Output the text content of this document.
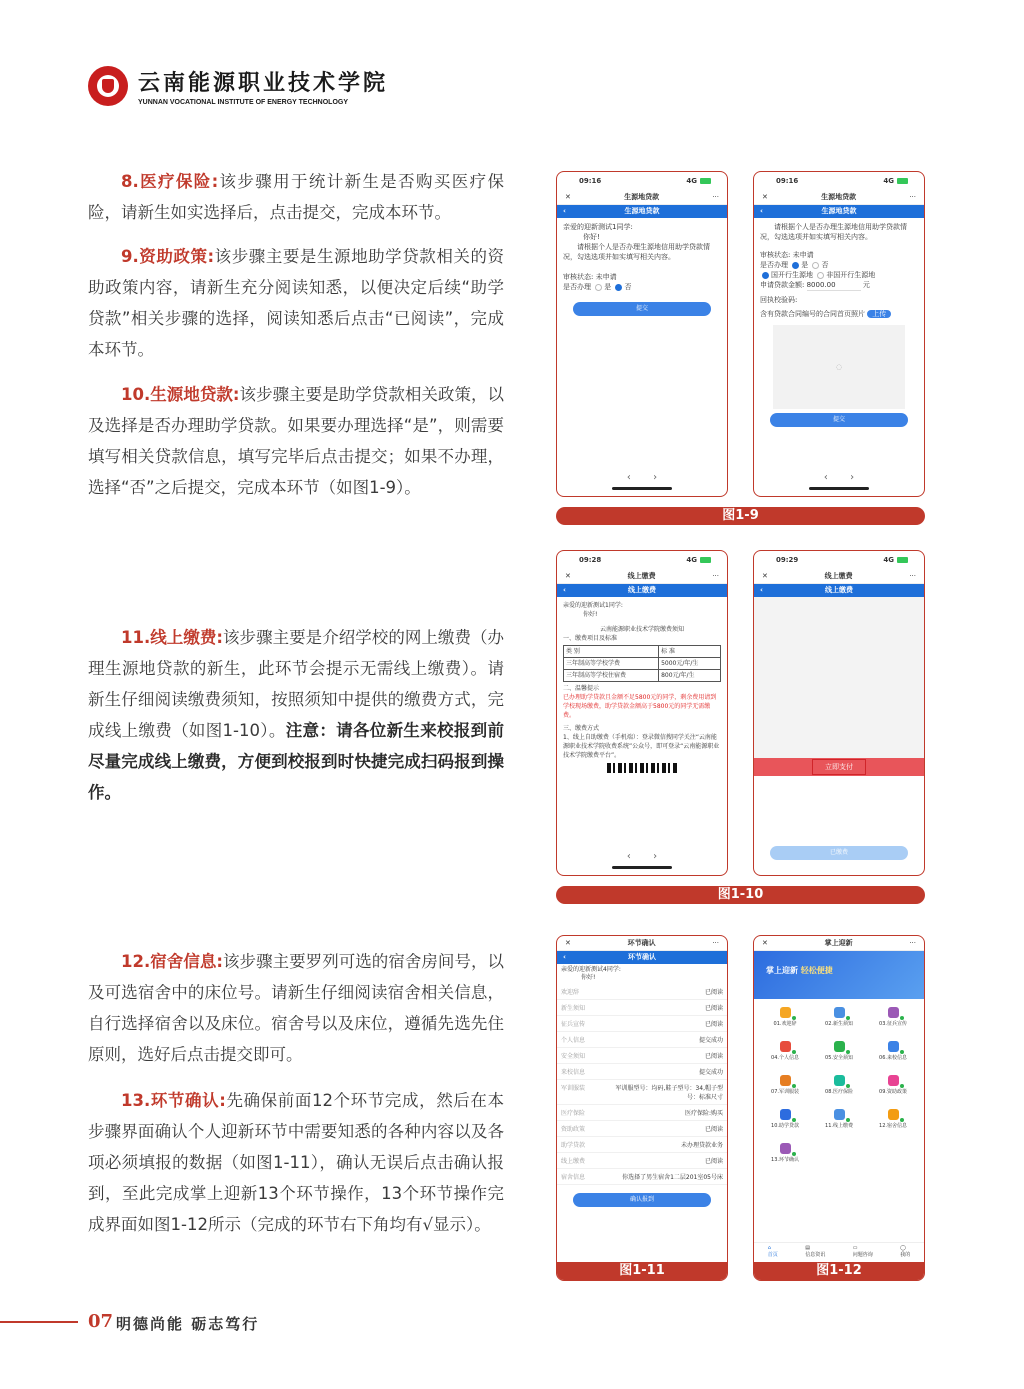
云南能源职业技术学院
YUNNAN VOCATIONAL INSTITUTE OF ENERGY TECHNOLOGY

8.医疗保险:该步骤用于统计新生是否购买医疗保险，请新生如实选择后，点击提交，完成本环节。

9.资助政策:该步骤主要是生源地助学贷款相关的资助政策内容，请新生充分阅读知悉，以便决定后续“助学贷款”相关步骤的选择，阅读知悉后点击“已阅读”，完成本环节。

10.生源地贷款:该步骤主要是助学贷款相关政策，以及选择是否办理助学贷款。如果要办理选择“是”，则需要填写相关贷款信息，填写完毕后点击提交；如果不办理，选择“否”之后提交，完成本环节（如图1-9）。

11.线上缴费:该步骤主要是介绍学校的网上缴费（办理生源地贷款的新生，此环节会提示无需线上缴费）。请新生仔细阅读缴费须知，按照须知中提供的缴费方式，完成线上缴费（如图1-10）。注意：请各位新生来校报到前尽量完成线上缴费，方便到校报到时快捷完成扫码报到操作。

12.宿舍信息:该步骤主要罗列可选的宿舍房间号，以及可选宿舍中的床位号。请新生仔细阅读宿舍相关信息，自行选择宿舍以及床位。宿舍号以及床位，遵循先选先住原则，选好后点击提交即可。

13.环节确认:先确保前面12个环节完成，然后在本步骤界面确认个人迎新环节中需要知悉的各种内容以及各项必须填报的数据（如图1-11），确认无误后点击确认报到，至此完成掌上迎新13个环节操作，13个环节操作完成界面如图1-12所示（完成的环节右下角均有√显示）。

09:16	4G
✕	生源地贷款	···
‹	生源地贷款
亲爱的迎新测试1同学:
你好!
请根据个人是否办理生源地信用助学贷款情况，勾选选项并如实填写相关内容。
审核状态: 未申请
是否办理 是 否
提交
‹       ›
09:16	4G
✕	生源地贷款	···
‹	生源地贷款
请根据个人是否办理生源地信用助学贷款情况，勾选选项并如实填写相关内容。
审核状态: 未申请
是否办理 是 否
国开行生源地 非国开行生源地
申请贷款金额: 8000.00	元
回执校验码:
含有贷款合同编号的合同首页照片 上传
◌
提交
‹       ›
图1-9
09:28	4G
✕	线上缴费	···
‹	线上缴费
亲爱的迎新测试1同学:
你好!
云南能源职业技术学院缴费须知
一、缴费项目及标准
类 别	标 准
三年制高等学校学费	5000元/年/生
三年制高等学校住宿费	800元/年/生
二、温馨提示
已办理助学贷款且金额不足5800元的同学，剩余费用请到学校现场缴费，助学贷款金额高于5800元的同学无需缴费。
三、缴费方式
1、线上自助缴费（手机端）：登录微信搜同学关注“云南能源职业技术学院收费系统”公众号，即可登录“云南能源职业技术学院缴费平台”。
‹       ›
09:29	4G
✕	线上缴费	···
‹	线上缴费
立即支付
已缴费
图1-10
✕	环节确认	···
‹	环节确认
亲爱的迎新测试4同学:
你好!
欢迎辞	已阅读
新生须知	已阅读
征兵宣传	已阅读
个人信息	提交成功
安全须知	已阅读
来校信息	提交成功
军训服装	军训服型号：均码,鞋子型号：34,帽子型号：标准尺寸
医疗保险	医疗保险:购买
资助政策	已阅读
助学贷款	未办理贷款业务
线上缴费	已阅读
宿舍信息	你选择了男生宿舍1二层201室05号床
确认报到
图1-11
✕	掌上迎新	···
掌上迎新 轻松便捷
01.欢迎辞	02.新生须知	03.征兵宣传
04.个人信息	05.安全须知	06.来校信息
07.军训服装	08.医疗保险	09.资助政策
10.助学贷款	11.线上缴费	12.宿舍信息
13.环节确认
⌂
首页
▤
信息资讯
▭
问题咨询
◯
我的
图1-12
07 明德尚能 砺志笃行
